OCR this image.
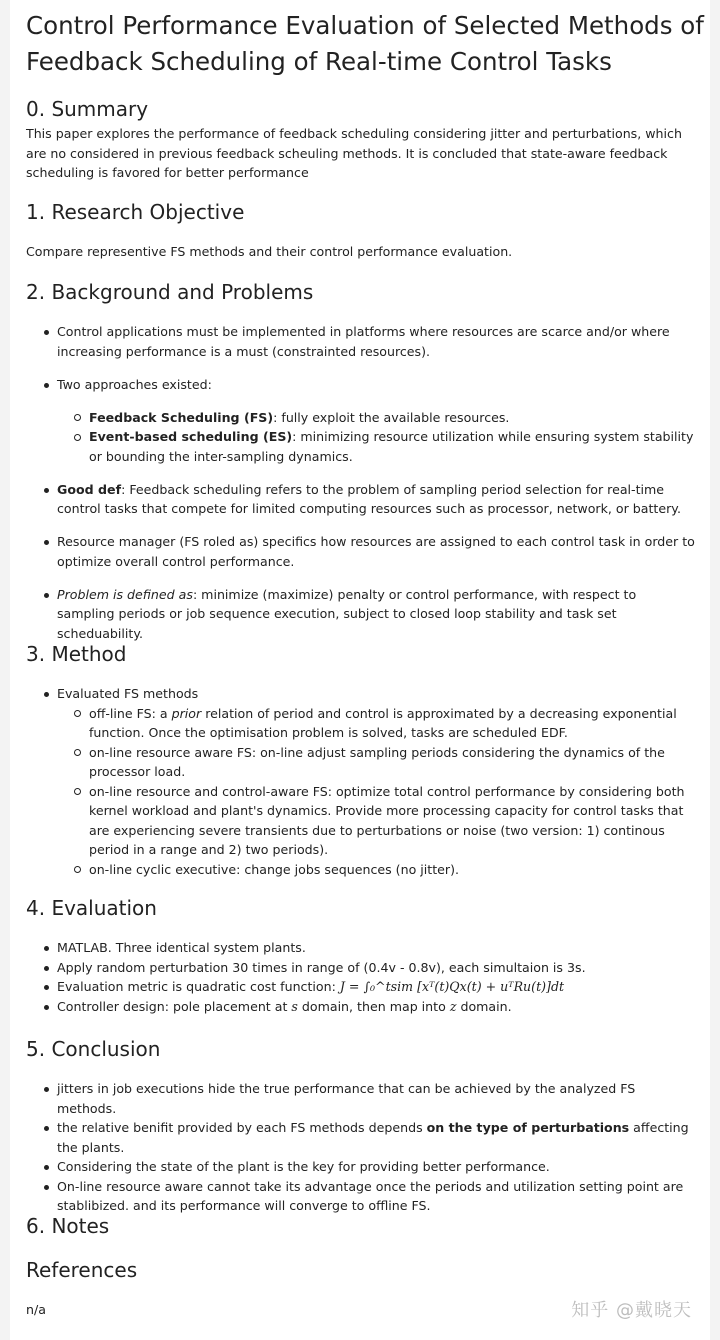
Control Performance Evaluation of Selected Methods of Feedback Scheduling of Real-time Control Tasks
0. Summary

This paper explores the performance of feedback scheduling considering jitter and perturbations, which are no considered in previous feedback scheuling methods. It is concluded that state-aware feedback scheduling is favored for better performance

1. Research Objective

Compare representive FS methods and their control performance evaluation.

2. Background and Problems
Control applications must be implemented in platforms where resources are scarce and/or where increasing performance is a must (constrainted resources).
Two approaches existed:
Feedback Scheduling (FS): fully exploit the available resources.
Event-based scheduling (ES): minimizing resource utilization while ensuring system stability or bounding the inter-sampling dynamics.
Good def: Feedback scheduling refers to the problem of sampling period selection for real-time control tasks that compete for limited computing resources such as processor, network, or battery.
Resource manager (FS roled as) specifics how resources are assigned to each control task in order to optimize overall control performance.
Problem is defined as: minimize (maximize) penalty or control performance, with respect to sampling periods or job sequence execution, subject to closed loop stability and task set scheduability.
3. Method
Evaluated FS methods
off-line FS: a prior relation of period and control is approximated by a decreasing exponential function. Once the optimisation problem is solved, tasks are scheduled EDF.
on-line resource aware FS: on-line adjust sampling periods considering the dynamics of the processor load.
on-line resource and control-aware FS: optimize total control performance by considering both kernel workload and plant's dynamics. Provide more processing capacity for control tasks that are experiencing severe transients due to perturbations or noise (two version: 1) continous period in a range and 2) two periods).
on-line cyclic executive: change jobs sequences (no jitter).
4. Evaluation
MATLAB. Three identical system plants.
Apply random perturbation 30 times in range of (0.4v - 0.8v), each simultaion is 3s.
Evaluation metric is quadratic cost function: J = ∫₀^tsim [xᵀ(t)Qx(t) + uᵀRu(t)]dt
Controller design: pole placement at s domain, then map into z domain.
5. Conclusion
jitters in job executions hide the true performance that can be achieved by the analyzed FS methods.
the relative benifit provided by each FS methods depends on the type of perturbations affecting the plants.
Considering the state of the plant is the key for providing better performance.
On-line resource aware cannot take its advantage once the periods and utilization setting point are stablibized. and its performance will converge to offline FS.
6. Notes
References

n/a	知乎 @戴晓天
